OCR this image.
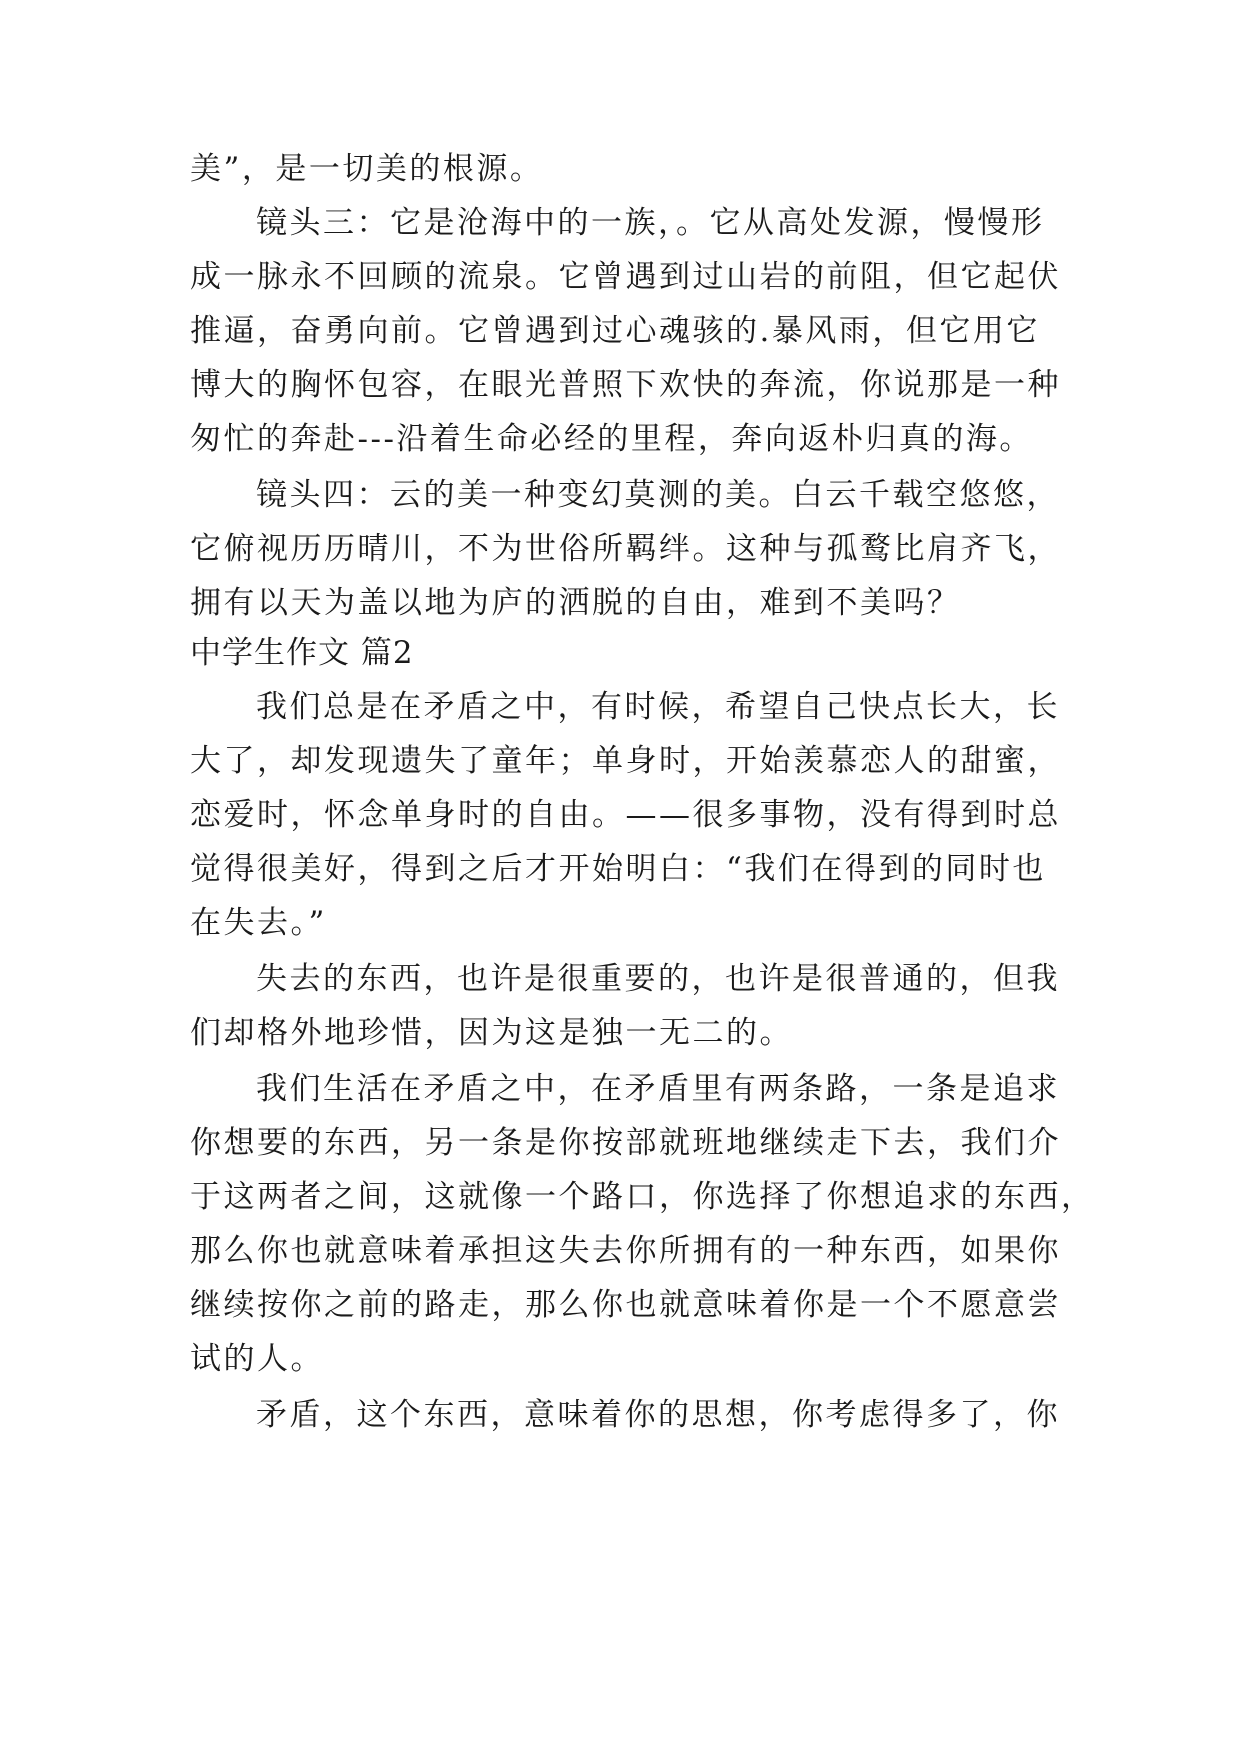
美”，是一切美的根源。
镜头三：它是沧海中的一族，。它从高处发源，慢慢形
成一脉永不回顾的流泉。它曾遇到过山岩的前阻，但它起伏
推逼，奋勇向前。它曾遇到过心魂骇的.暴风雨，但它用它
博大的胸怀包容，在眼光普照下欢快的奔流，你说那是一种
匆忙的奔赴---沿着生命必经的里程，奔向返朴归真的海。
镜头四：云的美一种变幻莫测的美。白云千载空悠悠，
它俯视历历晴川，不为世俗所羁绊。这种与孤鹜比肩齐飞，
拥有以天为盖以地为庐的洒脱的自由，难到不美吗？
中学生作文 篇2
我们总是在矛盾之中，有时候，希望自己快点长大，长
大了，却发现遗失了童年；单身时，开始羡慕恋人的甜蜜，
恋爱时，怀念单身时的自由。——很多事物，没有得到时总
觉得很美好，得到之后才开始明白：“我们在得到的同时也
在失去。”
失去的东西，也许是很重要的，也许是很普通的，但我
们却格外地珍惜，因为这是独一无二的。
我们生活在矛盾之中，在矛盾里有两条路，一条是追求
你想要的东西，另一条是你按部就班地继续走下去，我们介
于这两者之间，这就像一个路口，你选择了你想追求的东西，
那么你也就意味着承担这失去你所拥有的一种东西，如果你
继续按你之前的路走，那么你也就意味着你是一个不愿意尝
试的人。
矛盾，这个东西，意味着你的思想，你考虑得多了，你
